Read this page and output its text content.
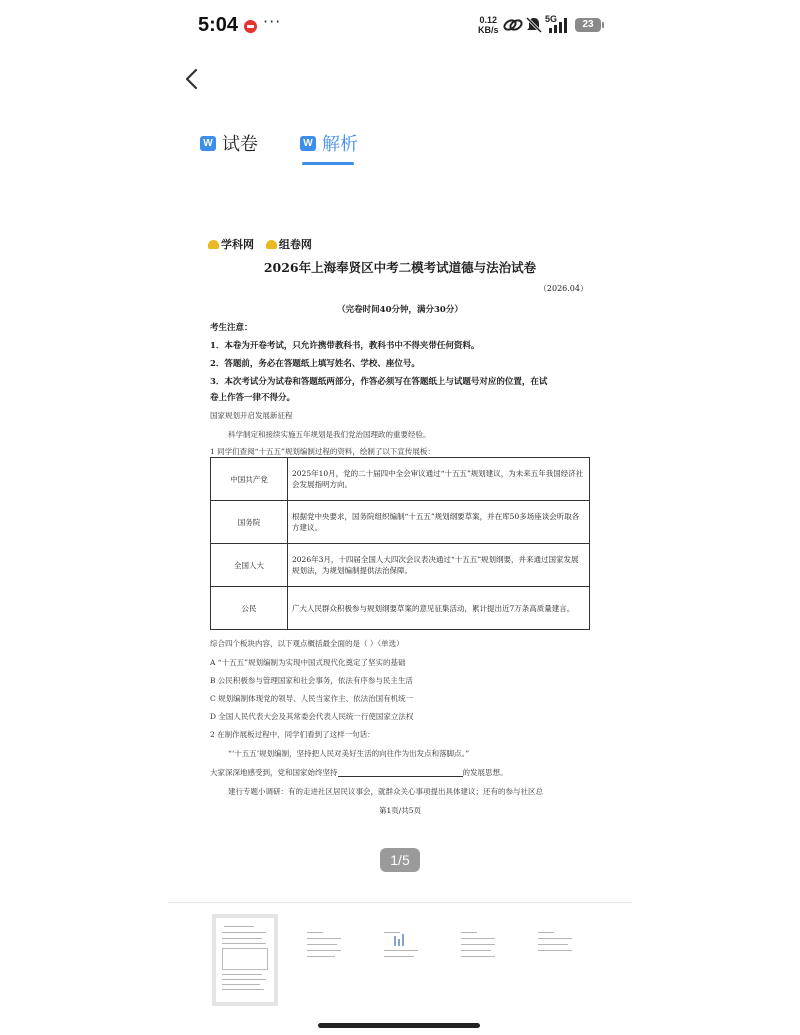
5:04 ···	0.12
KB/s
5G	23
W 试卷	W 解析
学科网 组卷网
2026年上海奉贤区中考二模考试道德与法治试卷
（2026.04）
（完卷时间40分钟，满分30分）
考生注意：
1．本卷为开卷考试，只允许携带教科书，教科书中不得夹带任何资料。
2．答题前，务必在答题纸上填写姓名、学校、座位号。
3．本次考试分为试卷和答题纸两部分，作答必须写在答题纸上与试题号对应的位置，在试
卷上作答一律不得分。
国家规划开启发展新征程
科学制定和接续实施五年规划是我们党治国理政的重要经验。
1 同学们查阅“十五五”规划编制过程的资料，绘制了以下宣传展板：
中国共产党	2025年10月，党的二十届四中全会审议通过“十五五”规划建议，为未来五年我国经济社会发展指明方向。
国务院	根据党中央要求，国务院组织编制“十五五”规划纲要草案，并在库50多场座谈会听取各方建议。
全国人大	2026年3月，十四届全国人大四次会议表决通过“十五五”规划纲要，并来通过国家发展规划法，为规划编制提供法治保障。
公民	广大人民群众积极参与规划纲要草案的意见征集活动，累计提出近7万条高质量建言。
综合四个板块内容，以下观点概括最全面的是（ ）（单选）
A “十五五”规划编制为实现中国式现代化奠定了坚实的基础
B 公民积极参与管理国家和社会事务，依法有序参与民主生活
C 规划编制体现党的领导、人民当家作主、依法治国有机统一
D 全国人民代表大会及其常委会代表人民统一行使国家立法权
2 在制作展板过程中，同学们看到了这样一句话：
“‘十五五’规划编制，坚持把人民对美好生活的向往作为出发点和落脚点。”
大家深深地感受到，党和国家始终坚持	的发展思想。
建行专题小调研：有的走进社区居民议事会，就群众关心事项提出具体建议；还有的参与社区总
第1页/共5页
1/5
